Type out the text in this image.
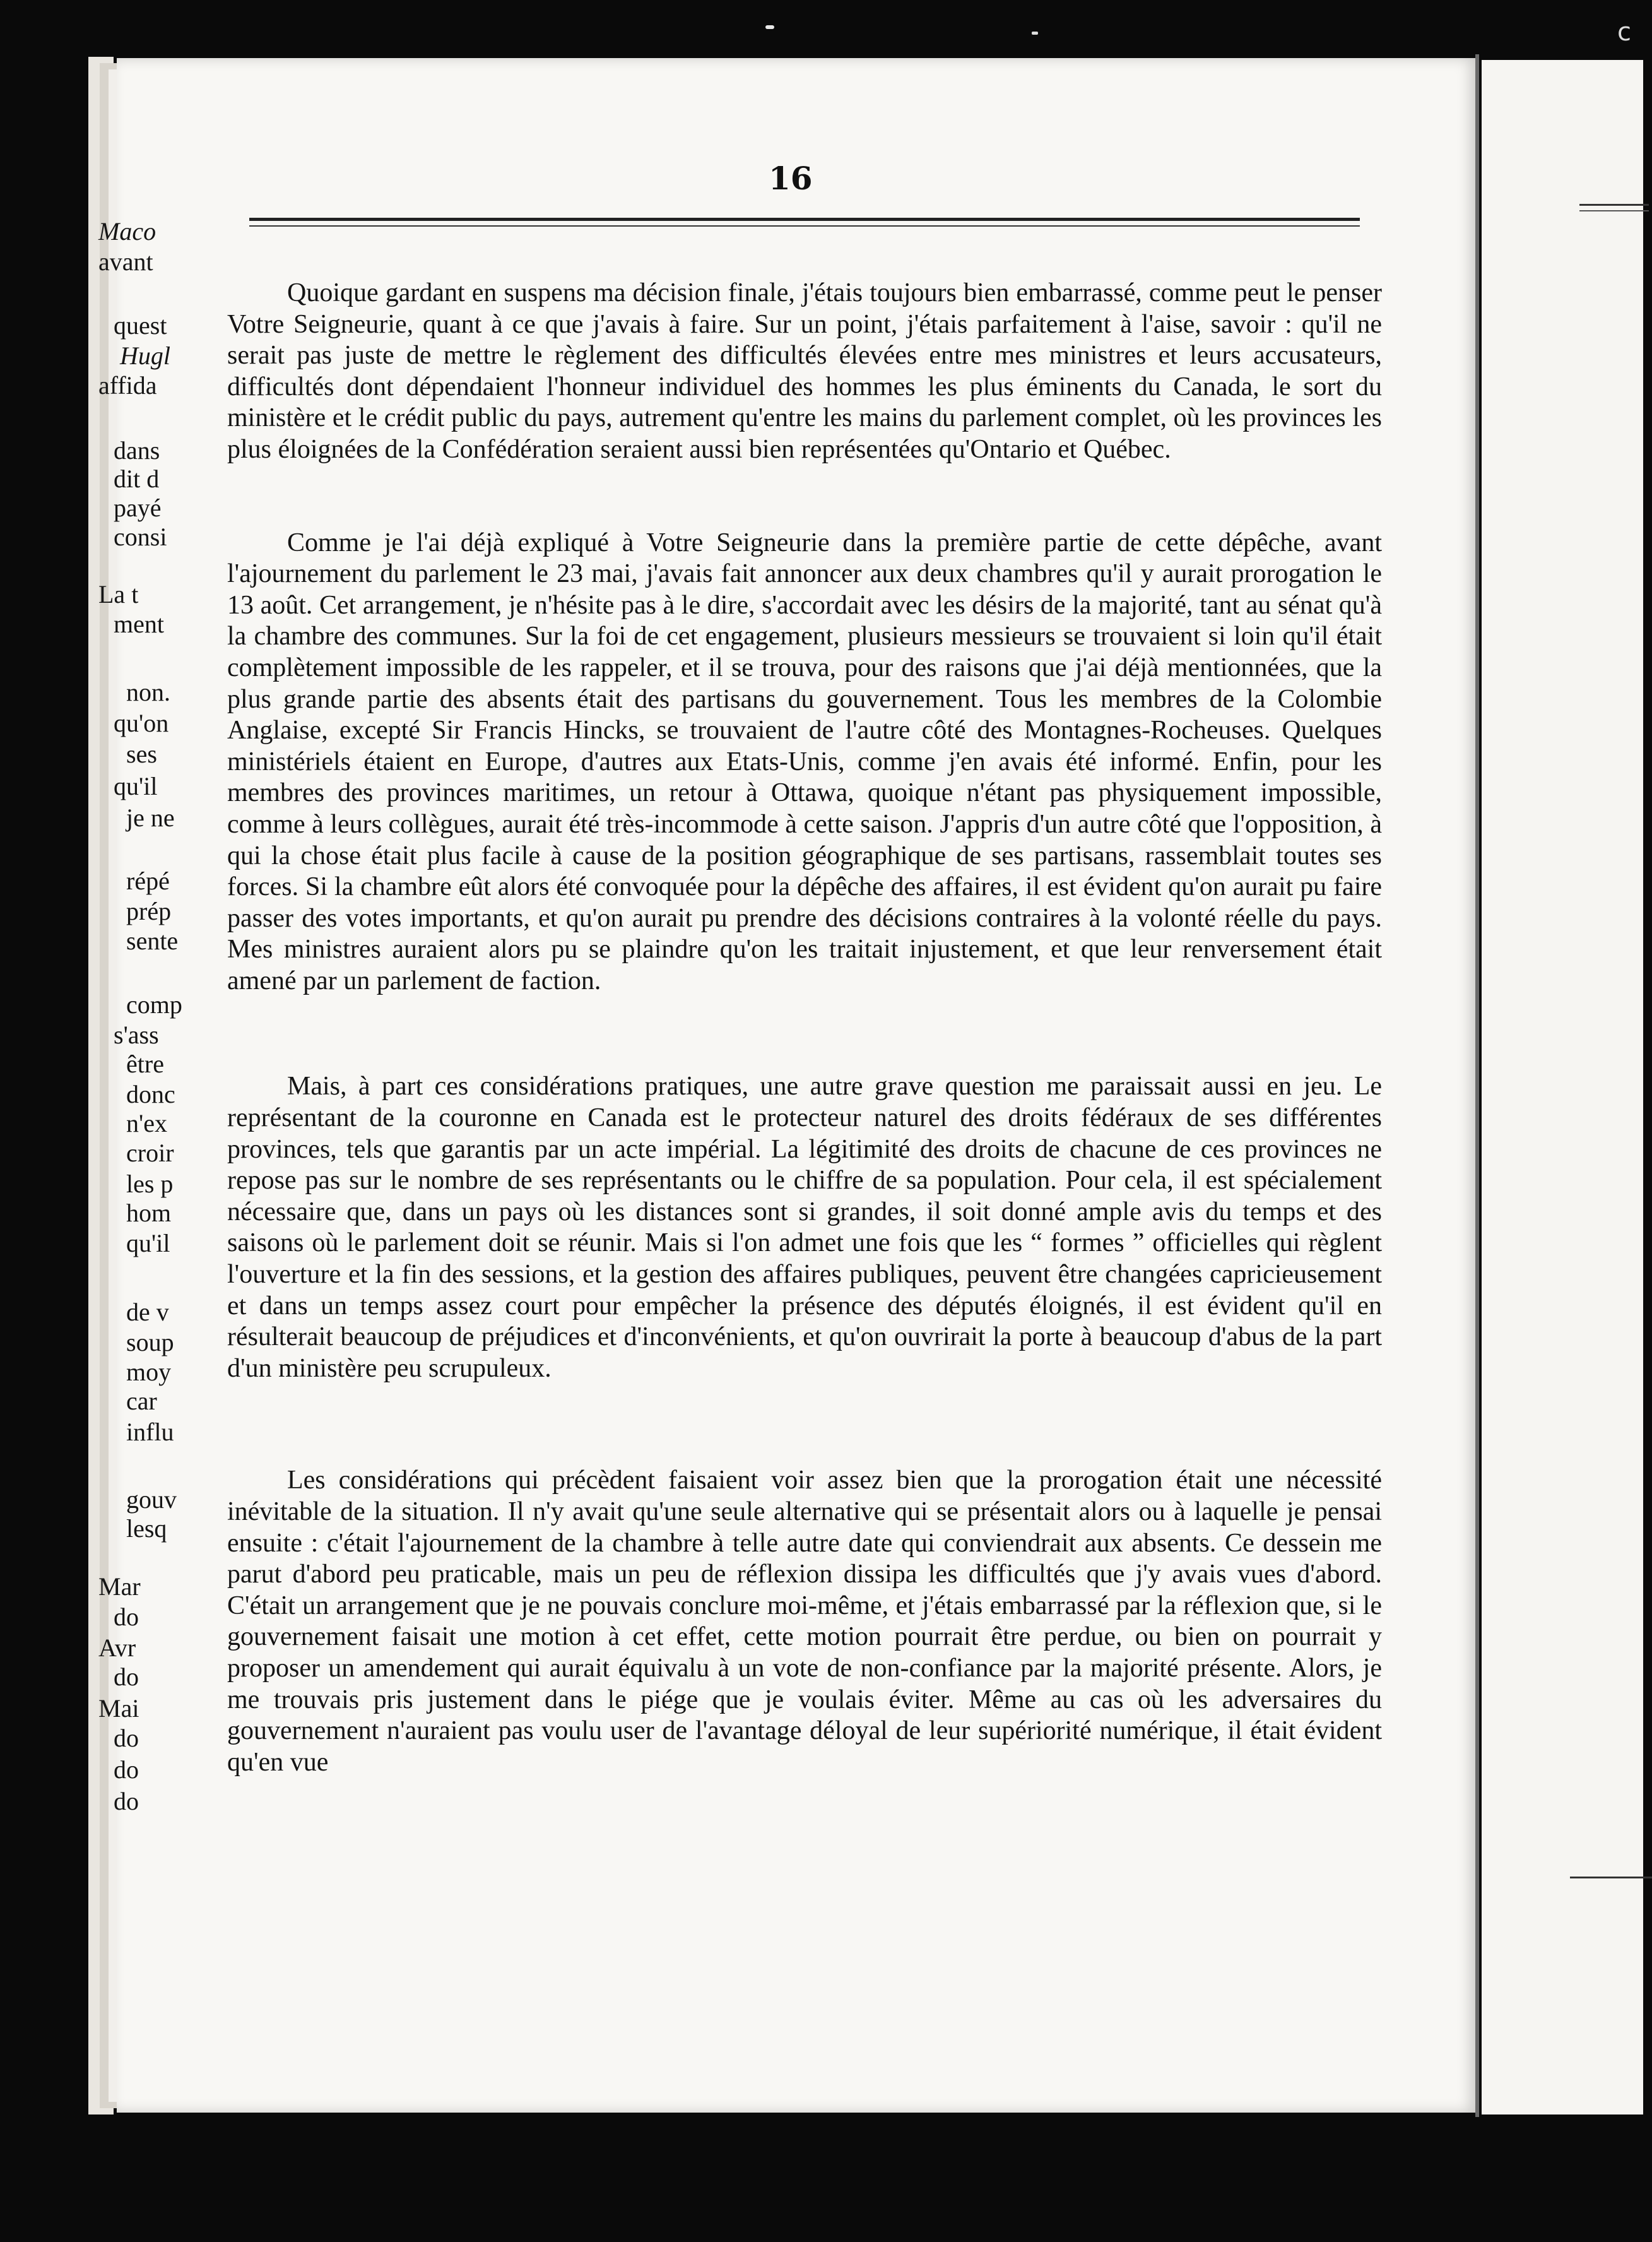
c
16

Quoique gardant en suspens ma décision finale, j'étais toujours bien embarrassé, comme peut le penser Votre Seigneurie, quant à ce que j'avais à faire. Sur un point, j'étais parfaitement à l'aise, savoir : qu'il ne serait pas juste de mettre le règlement des difficultés élevées entre mes ministres et leurs accusateurs, difficultés dont dépendaient l'honneur individuel des hommes les plus éminents du Canada, le sort du ministère et le crédit public du pays, autrement qu'entre les mains du parlement complet, où les provinces les plus éloignées de la Confédération seraient aussi bien représentées qu'Ontario et Québec.

Comme je l'ai déjà expliqué à Votre Seigneurie dans la première partie de cette dépêche, avant l'ajournement du parlement le 23 mai, j'avais fait annoncer aux deux chambres qu'il y aurait prorogation le 13 août. Cet arrangement, je n'hésite pas à le dire, s'accordait avec les désirs de la majorité, tant au sénat qu'à la chambre des communes. Sur la foi de cet engagement, plusieurs messieurs se trouvaient si loin qu'il était complètement impossible de les rappeler, et il se trouva, pour des raisons que j'ai déjà mentionnées, que la plus grande partie des absents était des partisans du gouvernement. Tous les membres de la Colombie Anglaise, excepté Sir Francis Hincks, se trouvaient de l'autre côté des Montagnes-Rocheuses. Quelques ministériels étaient en Europe, d'autres aux Etats-Unis, comme j'en avais été informé. Enfin, pour les membres des provinces maritimes, un retour à Ottawa, quoique n'étant pas physiquement impossible, comme à leurs collègues, aurait été très-incommode à cette saison. J'appris d'un autre côté que l'opposition, à qui la chose était plus facile à cause de la position géographique de ses partisans, rassemblait toutes ses forces. Si la chambre eût alors été convoquée pour la dépêche des affaires, il est évident qu'on aurait pu faire passer des votes importants, et qu'on aurait pu prendre des décisions contraires à la volonté réelle du pays. Mes ministres auraient alors pu se plaindre qu'on les traitait injustement, et que leur renversement était amené par un parlement de faction.

Mais, à part ces considérations pratiques, une autre grave question me paraissait aussi en jeu. Le représentant de la couronne en Canada est le protecteur naturel des droits fédéraux de ses différentes provinces, tels que garantis par un acte impérial. La légitimité des droits de chacune de ces provinces ne repose pas sur le nombre de ses représentants ou le chiffre de sa population. Pour cela, il est spécialement nécessaire que, dans un pays où les distances sont si grandes, il soit donné ample avis du temps et des saisons où le parlement doit se réunir. Mais si l'on admet une fois que les “ formes ” officielles qui règlent l'ouverture et la fin des sessions, et la gestion des affaires publiques, peuvent être changées capricieusement et dans un temps assez court pour empêcher la présence des députés éloignés, il est évident qu'il en résulterait beaucoup de préjudices et d'inconvénients, et qu'on ouvrirait la porte à beaucoup d'abus de la part d'un ministère peu scrupuleux.

Les considérations qui précèdent faisaient voir assez bien que la prorogation était une nécessité inévitable de la situation. Il n'y avait qu'une seule alternative qui se présentait alors ou à laquelle je pensai ensuite : c'était l'ajournement de la chambre à telle autre date qui conviendrait aux absents. Ce dessein me parut d'abord peu praticable, mais un peu de réflexion dissipa les difficultés que j'y avais vues d'abord. C'était un arrangement que je ne pouvais conclure moi-même, et j'étais embarrassé par la réflexion que, si le gouvernement faisait une motion à cet effet, cette motion pourrait être perdue, ou bien on pourrait y proposer un amendement qui aurait équivalu à un vote de non-confiance par la majorité présente. Alors, je me trouvais pris justement dans le piége que je voulais éviter. Même au cas où les adversaires du gouvernement n'auraient pas voulu user de l'avantage déloyal de leur supériorité numérique, il était évident qu'en vue

Maco
avant
quest
Hugl
affida
dans
dit d
payé
consi
La t
ment
non.
qu'on
ses
qu'il
je ne
répé
prép
sente
comp
s'ass
être
donc
n'ex
croir
les p
hom
qu'il
de v
soup
moy
car
influ
gouv
lesq
Mar
do
Avr
do
Mai
do
do
do
